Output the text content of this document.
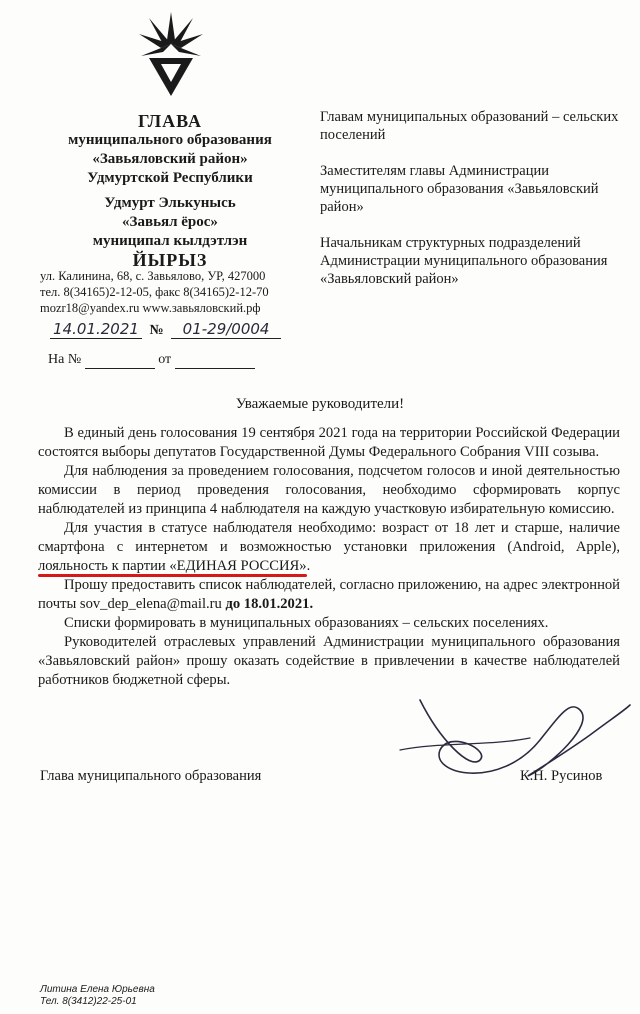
ГЛАВА
муниципального образования
«Завьяловский район»
Удмуртской Республики
Удмурт Элькунысь
«Завьял ёрос»
муниципал кылдэтлэн
ЙЫРЫЗ
ул. Калинина, 68, с. Завьялово, УР, 427000
тел. 8(34165)2-12-05, факс 8(34165)2-12-70
mozr18@yandex.ru www.завьяловский.рф
14.01.2021 № 01-29/0004
На №	от

Главам муниципальных образований – сельских поселений

Заместителям главы Администрации муниципального образования «Завьяловский район»

Начальникам структурных подразделений Администрации муниципального образования «Завьяловский район»

Уважаемые руководители!

В единый день голосования 19 сентября 2021 года на территории Российской Федерации состоятся выборы депутатов Государственной Думы Федерального Собрания VIII созыва.

Для наблюдения за проведением голосования, подсчетом голосов и иной деятельностью комиссии в период проведения голосования, необходимо сформировать корпус наблюдателей из принципа 4 наблюдателя на каждую участковую избирательную комиссию.

Для участия в статусе наблюдателя необходимо: возраст от 18 лет и старше, наличие смартфона с интернетом и возможностью установки приложения (Android, Apple), лояльность к партии «ЕДИНАЯ РОССИЯ»
.

Прошу предоставить список наблюдателей, согласно приложению, на адрес электронной почты sov_dep_elena@mail.ru до 18.01.2021.

Списки формировать в муниципальных образованиях – сельских поселениях.

Руководителей отраслевых управлений Администрации муниципального образования «Завьяловский район» прошу оказать содействие в привлечении в качестве наблюдателей работников бюджетной сферы.

Глава муниципального образования	К.Н. Русинов
Литина Елена Юрьевна
Тел. 8(3412)22-25-01
